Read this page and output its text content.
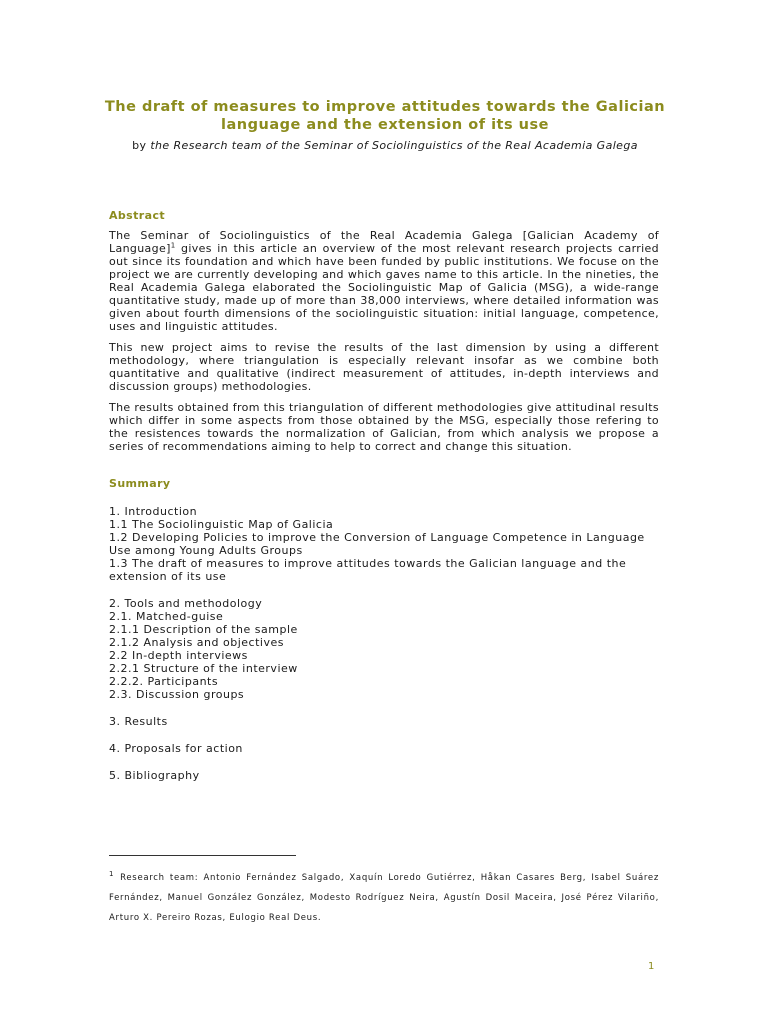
The draft of measures to improve attitudes towards the Galician
language and the extension of its use
by the Research team of the Seminar of Sociolinguistics of the Real Academia Galega
Abstract

The Seminar of Sociolinguistics of the Real Academia Galega [Galician Academy of Language]$^1$ gives in this article an overview of the most relevant research projects carried out since its foundation and which have been funded by public institutions. We focuse on the project we are currently developing and which gaves name to this article. In the nineties, the Real Academia Galega elaborated the Sociolinguistic Map of Galicia (MSG), a wide-range quantitative study, made up of more than 38,000 interviews, where detailed information was given about fourth dimensions of the sociolinguistic situation: initial language, competence, uses and linguistic attitudes.

This new project aims to revise the results of the last dimension by using a different methodology, where triangulation is especially relevant insofar as we combine both quantitative and qualitative (indirect measurement of attitudes, in-depth interviews and discussion groups) methodologies.

The results obtained from this triangulation of different methodologies give attitudinal results which differ in some aspects from those obtained by the MSG, especially those refering to the resistences towards the normalization of Galician, from which analysis we propose a series of recommendations aiming to help to correct and change this situation.

Summary
1. Introduction
1.1 The Sociolinguistic Map of Galicia
1.2 Developing Policies to improve the Conversion of Language Competence in Language Use among Young Adults Groups
1.3 The draft of measures to improve attitudes towards the Galician language and the extension of its use
2. Tools and methodology
2.1. Matched-guise
2.1.1 Description of the sample
2.1.2 Analysis and objectives
2.2 In-depth interviews
2.2.1 Structure of the interview
2.2.2. Participants
2.3. Discussion groups
3. Results
4. Proposals for action
5. Bibliography
$^1$ Research team: Antonio Fernández Salgado, Xaquín Loredo Gutiérrez, Håkan Casares Berg, Isabel Suárez Fernández, Manuel González González, Modesto Rodríguez Neira, Agustín Dosil Maceira, José Pérez Vilariño, Arturo X. Pereiro Rozas, Eulogio Real Deus.
1
